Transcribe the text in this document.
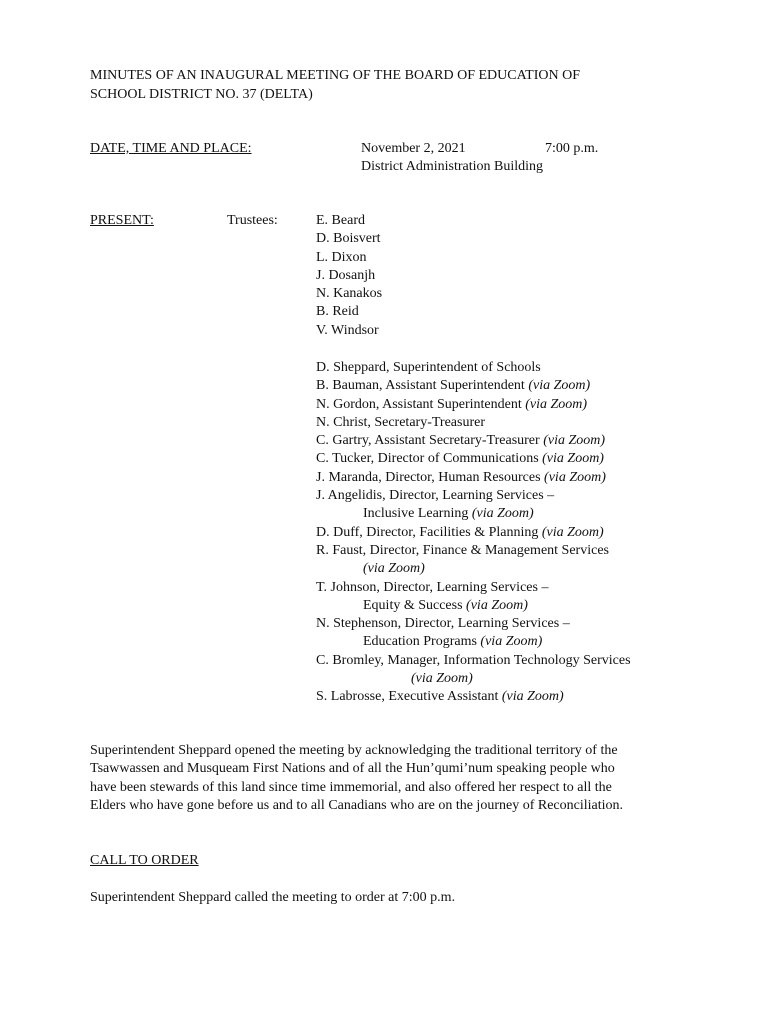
MINUTES OF AN INAUGURAL MEETING OF THE BOARD OF EDUCATION OF
SCHOOL DISTRICT NO. 37 (DELTA)
DATE, TIME AND PLACE:	November 2, 2021	7:00 p.m.
District Administration Building
PRESENT:	Trustees:	E. Beard
D. Boisvert
L. Dixon
J. Dosanjh
N. Kanakos
B. Reid
V. Windsor
D. Sheppard, Superintendent of Schools
B. Bauman, Assistant Superintendent (via Zoom)
N. Gordon, Assistant Superintendent (via Zoom)
N. Christ, Secretary-Treasurer
C. Gartry, Assistant Secretary-Treasurer (via Zoom)
C. Tucker, Director of Communications (via Zoom)
J. Maranda, Director, Human Resources (via Zoom)
J. Angelidis, Director, Learning Services –
Inclusive Learning (via Zoom)
D. Duff, Director, Facilities & Planning (via Zoom)
R. Faust, Director, Finance & Management Services
(via Zoom)
T. Johnson, Director, Learning Services –
Equity & Success (via Zoom)
N. Stephenson, Director, Learning Services –
Education Programs (via Zoom)
C. Bromley, Manager, Information Technology Services
(via Zoom)
S. Labrosse, Executive Assistant (via Zoom)
Superintendent Sheppard opened the meeting by acknowledging the traditional territory of the
Tsawwassen and Musqueam First Nations and of all the Hun’qumi’num speaking people who
have been stewards of this land since time immemorial, and also offered her respect to all the
Elders who have gone before us and to all Canadians who are on the journey of Reconciliation.
CALL TO ORDER
Superintendent Sheppard called the meeting to order at 7:00 p.m.
